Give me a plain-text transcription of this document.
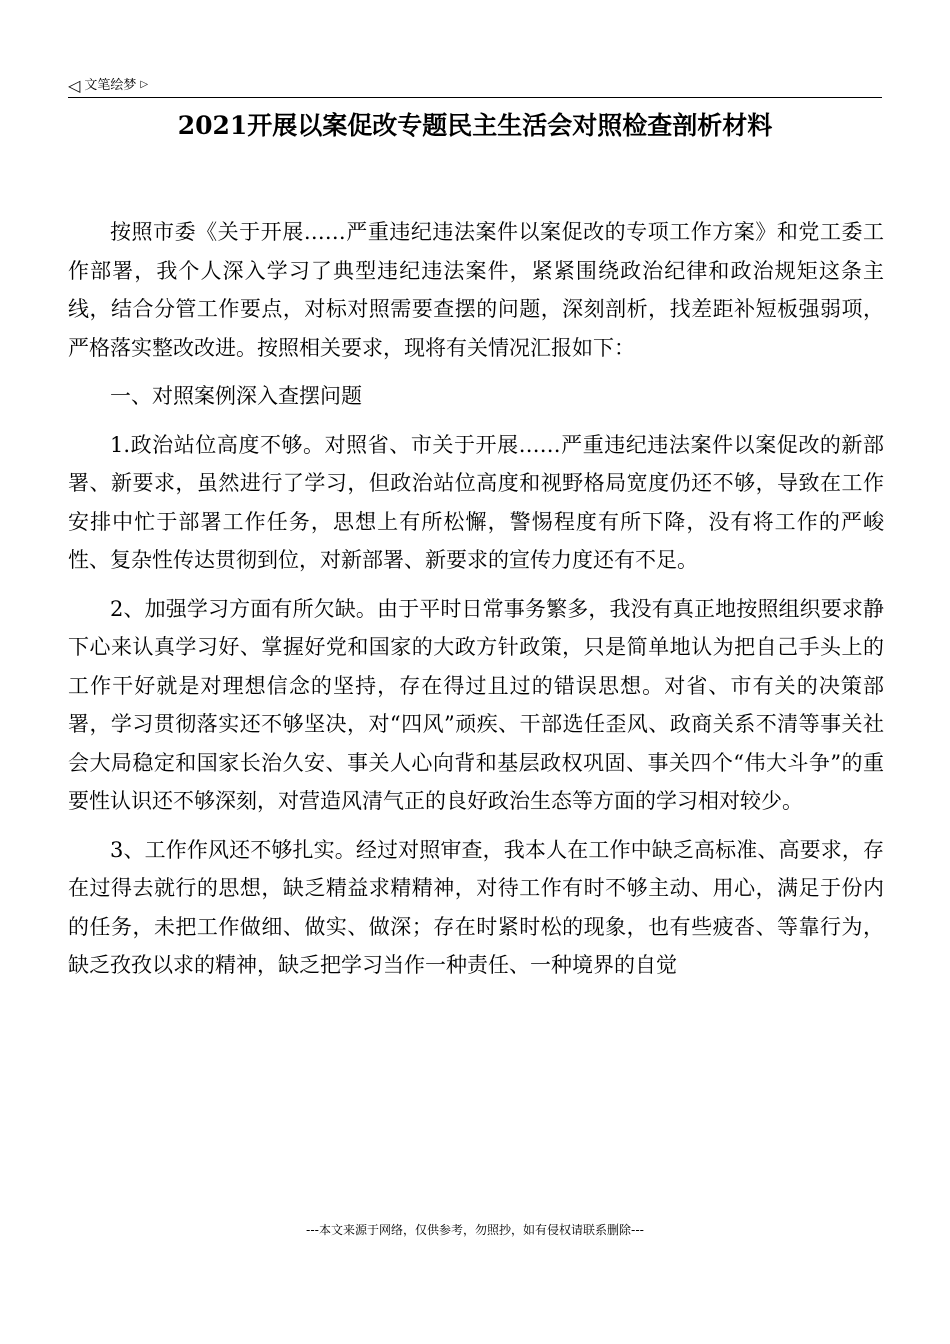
◁ 文笔绘梦 ▷
2021开展以案促改专题民主生活会对照检查剖析材料

按照市委《关于开展……严重违纪违法案件以案促改的专项工作方案》和党工委工作部署，我个人深入学习了典型违纪违法案件，紧紧围绕政治纪律和政治规矩这条主线，结合分管工作要点，对标对照需要查摆的问题，深刻剖析，找差距补短板强弱项，严格落实整改改进。按照相关要求，现将有关情况汇报如下：

一、对照案例深入查摆问题

1.政治站位高度不够。对照省、市关于开展……严重违纪违法案件以案促改的新部署、新要求，虽然进行了学习，但政治站位高度和视野格局宽度仍还不够，导致在工作安排中忙于部署工作任务，思想上有所松懈，警惕程度有所下降，没有将工作的严峻性、复杂性传达贯彻到位，对新部署、新要求的宣传力度还有不足。

2、加强学习方面有所欠缺。由于平时日常事务繁多，我没有真正地按照组织要求静下心来认真学习好、掌握好党和国家的大政方针政策，只是简单地认为把自己手头上的工作干好就是对理想信念的坚持，存在得过且过的错误思想。对省、市有关的决策部署，学习贯彻落实还不够坚决，对“四风”顽疾、干部选任歪风、政商关系不清等事关社会大局稳定和国家长治久安、事关人心向背和基层政权巩固、事关四个“伟大斗争”的重要性认识还不够深刻，对营造风清气正的良好政治生态等方面的学习相对较少。

3、工作作风还不够扎实。经过对照审查，我本人在工作中缺乏高标准、高要求，存在过得去就行的思想，缺乏精益求精精神，对待工作有时不够主动、用心，满足于份内的任务，未把工作做细、做实、做深；存在时紧时松的现象，也有些疲沓、等靠行为，缺乏孜孜以求的精神，缺乏把学习当作一种责任、一种境界的自觉

---本文来源于网络，仅供参考，勿照抄，如有侵权请联系删除---
